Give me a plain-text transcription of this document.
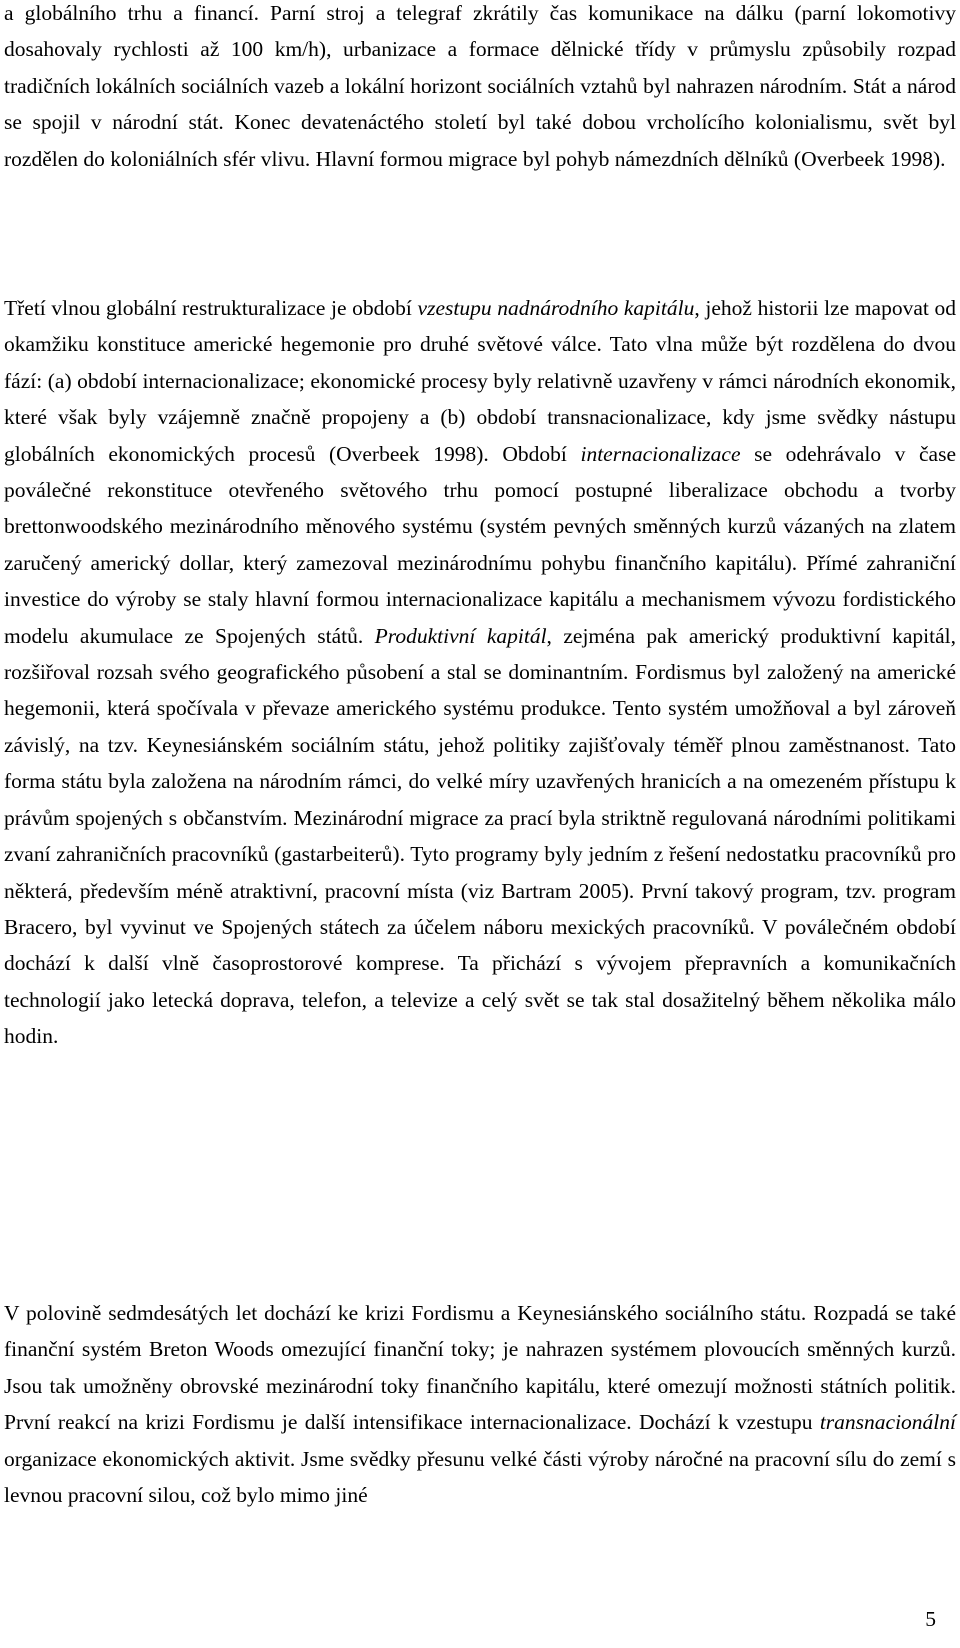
a globálního trhu a financí. Parní stroj a telegraf zkrátily čas komunikace na dálku (parní lokomotivy dosahovaly rychlosti až 100 km/h), urbanizace a formace dělnické třídy v průmyslu způsobily rozpad tradičních lokálních sociálních vazeb a lokální horizont sociálních vztahů byl nahrazen národním. Stát a národ se spojil v národní stát. Konec devatenáctého století byl také dobou vrcholícího kolonialismu, svět byl rozdělen do koloniálních sfér vlivu. Hlavní formou migrace byl pohyb námezdních dělníků (Overbeek 1998).

Třetí vlnou globální restrukturalizace je období vzestupu nadnárodního kapitálu, jehož historii lze mapovat od okamžiku konstituce americké hegemonie pro druhé světové válce. Tato vlna může být rozdělena do dvou fází: (a) období internacionalizace; ekonomické procesy byly relativně uzavřeny v rámci národních ekonomik, které však byly vzájemně značně propojeny a (b) období transnacionalizace, kdy jsme svědky nástupu globálních ekonomických procesů (Overbeek 1998). Období internacionalizace se odehrávalo v čase poválečné rekonstituce otevřeného světového trhu pomocí postupné liberalizace obchodu a tvorby brettonwoodského mezinárodního měnového systému (systém pevných směnných kurzů vázaných na zlatem zaručený americký dollar, který zamezoval mezinárodnímu pohybu finančního kapitálu). Přímé zahraniční investice do výroby se staly hlavní formou internacionalizace kapitálu a mechanismem vývozu fordistického modelu akumulace ze Spojených států. Produktivní kapitál, zejména pak americký produktivní kapitál, rozšiřoval rozsah svého geografického působení a stal se dominantním. Fordismus byl založený na americké hegemonii, která spočívala v převaze amerického systému produkce. Tento systém umožňoval a byl zároveň závislý, na tzv. Keynesiánském sociálním státu, jehož politiky zajišťovaly téměř plnou zaměstnanost. Tato forma státu byla založena na národním rámci, do velké míry uzavřených hranicích a na omezeném přístupu k právům spojených s občanstvím. Mezinárodní migrace za prací byla striktně regulovaná národními politikami zvaní zahraničních pracovníků (gastarbeiterů). Tyto programy byly jedním z řešení nedostatku pracovníků pro některá, především méně atraktivní, pracovní místa (viz Bartram 2005). První takový program, tzv. program Bracero, byl vyvinut ve Spojených státech za účelem náboru mexických pracovníků. V poválečném období dochází k další vlně časoprostorové komprese. Ta přichází s vývojem přepravních a komunikačních technologií jako letecká doprava, telefon, a televize a celý svět se tak stal dosažitelný během několika málo hodin.

V polovině sedmdesátých let dochází ke krizi Fordismu a Keynesiánského sociálního státu. Rozpadá se také finanční systém Breton Woods omezující finanční toky; je nahrazen systémem plovoucích směnných kurzů. Jsou tak umožněny obrovské mezinárodní toky finančního kapitálu, které omezují možnosti státních politik. První reakcí na krizi Fordismu je další intensifikace internacionalizace. Dochází k vzestupu transnacionální organizace ekonomických aktivit. Jsme svědky přesunu velké části výroby náročné na pracovní sílu do zemí s levnou pracovní silou, což bylo mimo jiné

5
